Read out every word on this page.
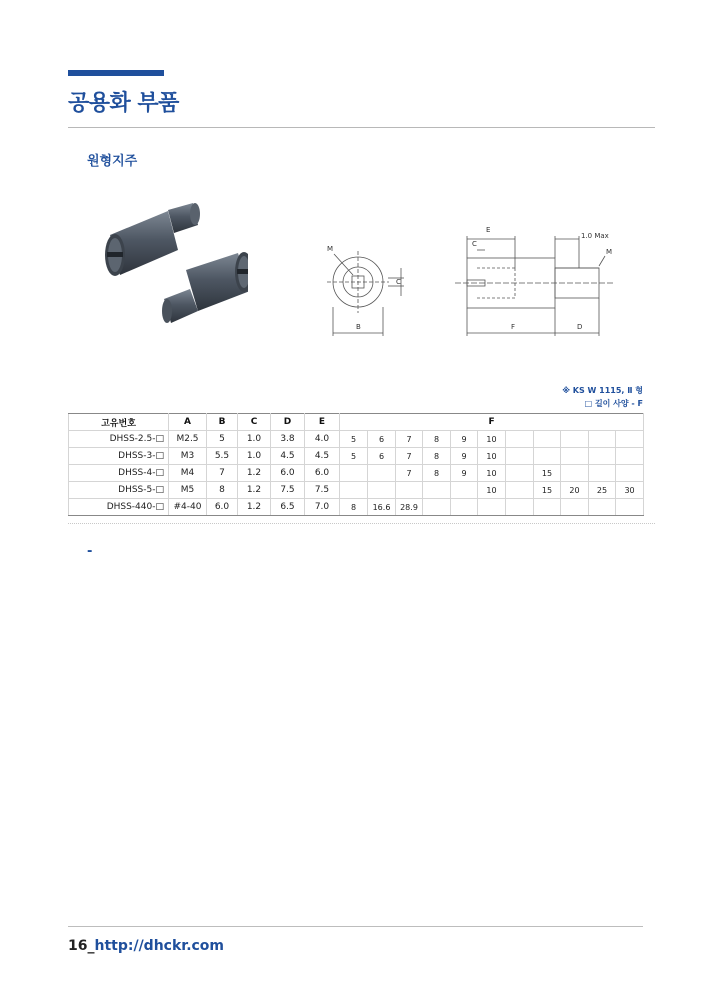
공용화 부품
원형지주
M
C
B
E
C
1.0 Max
M
F	D
※ KS W 1115, Ⅱ 형
□ 길이 사양 - F
고유번호	A	B	C	D	E	F										
DHSS-2.5-□	M2.5	5	1.0	3.8	4.0	5	6	7	8	9	10					
DHSS-3-□	M3	5.5	1.0	4.5	4.5	5	6	7	8	9	10					
DHSS-4-□	M4	7	1.2	6.0	6.0			7	8	9	10		15			
DHSS-5-□	M5	8	1.2	7.5	7.5						10		15	20	25	30
DHSS-440-□	#4-40	6.0	1.2	6.5	7.0	8	16.6	28.9								
-
16_http://dhckr.com
